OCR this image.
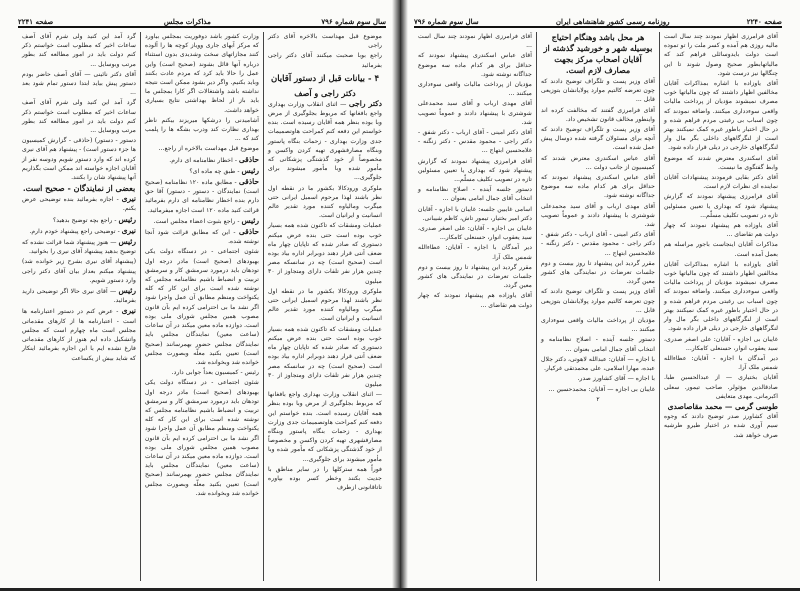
سال سوم شماره ۷۹۶
مذاکرات مجلس
صفحه ۲۲۴۱

موضوع قبل مهداست بالاخره آقای دکتر راجی

راجع بوبا صحبت میکنند آقای دکتر راجی بفرمائید

۴ - بیانات قبل از دستور آقایان
دکتر راجی و آصف

دکتر راجی — اثنای انقلاب وزارت بهداری واجع بافغانها که مربوط بجلوگیری از مرض وبا بوده بنظر همه آقایان رسیده است. بنده خواستم این دفعه کنم کمراحت هاوتصمیمات جدی وزارت بهداری - زحمات بنگاه پاستور وبنگاه مصارفشهری تهیه کردن واکسن و مخصوصاً از خود گذشتگی پزشکانی که مأمور شده وبا مأمور میشوند برای جلوگیری...

ملوکری ورودکالا بکشور ما در نقطه اول نظر باشند لهذا مرحوم اسمیل ایرانی حتی میگرب ومالیاوه کننده مورد تقدیر عالم انسانیت و ایرانیان است.

عملیات ومشقات که تاکنون شده همه بسیار خوب بوده است حتی بنده عرض میکنم دستوری که صادر شده که تاپایان چهار ماه ضعف آنتی قرار دهند دوبرابر اداره بیاد بوده است (صحیح است) چه در سانسکه مصر چندین هزار نفر تلفات دارای ومتجاوز از ۳۰ میلیون

ملوکری ورودکالا بکشور ما در نقطه اول نظر باشند لهذا مرحوم اسمیل ایرانی حتی میگرب ومالیاوه کننده مورد تقدیر عالم انسانیت و ایرانیان است.

عملیات ومشقات که تاکنون شده همه بسیار خوب بوده است حتی بنده عرض میکنم دستوری که صادر شده که تاپایان چهار ماه ضعف آنتی قرار دهند دوبرابر اداره بیاد بوده است (صحیح است) چه در سانسکه مصر چندین هزار نفر تلفات دارای ومتجاوز از ۳۰ میلیون

— اثنای انقلاب وزارت بهداری واجع بافغانها که مربوط بجلوگیری از مرض وبا بوده بنظر همه آقایان رسیده است. بنده خواستم این دفعه کنم کمراحت هاوتصمیمات جدی وزارت بهداری - زحمات بنگاه پاستور وبنگاه مصارفشهری تهیه کردن واکسن و مخصوصاً از خود گذشتگی پزشکانی که مأمور شده وبا مأمور میشوند برای جلوگیری...

فوراً همه سترکلها را در سایر مناطق با جدیت بکنند وخطر کسر بوده بپاوره تاتاقانونی ازطرف

وزارت کشور باشد دوفوریت بمجلس بیاورد که مرکز آبهای جاری وویاز کوچه ها را آلوده کنند مجازاتهای سخت وشدیدی بدون استثناء درباره آنها قائل بشوند (صحیح است) واین عمل را حالا باید کرد که مردم عادت بکنند وباید بکنیم. واگر دیر بشود ممکن است نتیجه نداشته باشد واشتغالات اگر کارا بمجلس ما باید باز از لحاظ بهداشتی نتایج بسیاری خواهد داشت.

آشامیدنی را درشکها میریزند بیکنم ناظر بهداری نظارت کند ودرب بشگه ها را پلمب کند که ...

موضوع قبل مهداست بالاخره از راجع...

حاذقی - اخطار نظامنامه ای دارم.

رئیس - طبق چه ماده ای؟

حاذقی - مطابق ماده ۱۲۰ نظامنامه (صحیح است) نمایندگان - دستور - دستور) آقا حق دارم بنده اخطار نظامنامه ای دارم بفرمائید قرائت کنید ماده ۱۲۰ است اجازه میفرمائید.

رئیس - راجع بثبوت اعضاء مجلس است.

حاذقی - این که مطابق قرائت شود آنجا نوشته شده.

شئون اجتماعی - در دستگاه دولت یکی بهبودهای (صحیح است) مادر درجه اول تودهان باید درمورد سرمشق کار و سرمشق تربیت و انضباط باشیم نظامنامه مجلس که نوشته شده است برای این کار که کله یکنواخت ومنظم مطابق آن عمل واجرا شود اگر نشد ما بی احترامی کرده ایم بآن قانون مصوب همین مجلس شورای ملی بوده است. دوازده ماده معین میکند در آن ساعات (ساعت معین) نمایندگان مجلس باید نمایندگان مجلس حضور بهمرسانند (صحیح است) تعیین بکنید معلّه وبصورت مجلس خوانده شد وبخوانده شد.

رئیس - کمیسیون بعداً جوابی دارد.

شئون اجتماعی - در دستگاه دولت یکی بهبودهای (صحیح است) مادر درجه اول تودهان باید درمورد سرمشق کار و سرمشق تربیت و انضباط باشیم نظامنامه مجلس که نوشته شده است برای این کار که کله یکنواخت ومنظم مطابق آن عمل واجرا شود اگر نشد ما بی احترامی کرده ایم بآن قانون مصوب همین مجلس شورای ملی بوده است. دوازده ماده معین میکند در آن ساعات (ساعت معین) نمایندگان مجلس باید نمایندگان مجلس حضور بهمرسانند (صحیح است) تعیین بکنید معلّه وبصورت مجلس خوانده شد وبخوانده شد.

گرد آمد این کنید ولی شرم آقای آصف ساعات اخیر که مطلوب است خواستم ذکر کنم دولت باید در امور مطالعه کند بطور مرتب وبوسایل ...

آقای دکتر نائینی — آقای آصف حاضر بودم دستور پیش بیاید ابتدا دستور تمام شود بعد ...

گرد آمد این کنید ولی شرم آقای آصف ساعات اخیر که مطلوب است خواستم ذکر کنم دولت باید در امور مطالعه کند بطور مرتب وبوسایل ...

دستور - دستور) (حاذقی - گزارش کمیسیون ها جزء دستور است) - پیشنهاد هم آقای نیری کرده اند که وارد دستور شویم ودوسه نفر از آقایان اجازه خواسته اند ممکن است بگذاریم آنها پیشنهاد شان را بکنند.

بعضی از نمایندگان - صحیح است.

نیری - اجازه بفرمائید بنده توضیحی عرض بکنم.

رئیس - راجع بچه توضیح بدهید؟

نیری - توضیحی راجع پیشنهاد خودم دارم.

رئیس — هنوز پیشنهاد شما قرائت نشده که توضیح بدهید پیشنهاد آقای نیری را بخوانید.

(پیشنهاد آقای نیری بشرح زیر خوانده شد) پیشنهاد میکنم بعداز بیان آقای دکتر راجی وارد دستور شویم.

رئیس — آقای نیری حالا اگر توضیحی دارید بفرمائید.

نیری - عرض کنم در دستور اعتبارنامه ها است - اعتبارنامه ها از کارهای مقدماتی مجلس است ماه چهارم است که مجلس واتشکیل داده ایم هنوز از کارهای مقدماتی فارغ نشده ایم با این اجازه بفرمائید اینکار که شاید بیش از یکساعت

صفحه ۲۲۴۰
روزنامه رسمی کشور شاهنشاهی ایران
سال سوم شماره ۷۹۶

آقای فرامرزی اظهار نمودند چند سال است مالیه روزی هم آمده و کسر ملت را تو تموده است دولت بایدوسائلی فراهم کند که مالیاتهابطور صحیح وصول شوند تا این چنگالها نیز درست شود.

آقای یاوزاده با اشاره بمذاکرات آقایان مخالفین اظهار داشتند که چون مالیاتها خوب مصرف نمیشوند مؤدیان از پرداخت مالیات واقعی سوءدداری میکنند. واضافه نمودند که چون اسباب بی رغبتی مردم فراهم شده و در حال اختیار باطور غیره کمک نمیکنند بهتر است از لنگرگاههای داخلی بگر مال وار لنگرگاههای خارجی در دیلی قرار داده شود.

آقای اسکندری معترض شدند که موضوع وابط گفتگوی ما نیست.

آقای دکتر بقایی فرمودند پیشنهادات آقایان نماینده ای نظرات لازم است.

آقای فرامرزی پیشنهاد نمودند که گزارش پیشنهاد شود که بهداری یا تعیین مسئولین تازه در تصویب تکلیف مسلّم...

آقای یاوزاده هم پیشنهاد نمودند که چهار دولت هم تقاضای ...

مذاکرات آقایان اینجاست باجور مراسله هم بعمل آمده است.

آقای یاوزاده با اشاره بمذاکرات آقایان مخالفین اظهار داشتند که چون مالیاتها خوب مصرف نمیشوند مؤدیان از پرداخت مالیات واقعی سوءدداری میکنند. واضافه نمودند که چون اسباب بی رغبتی مردم فراهم شده و در حال اختیار باطور غیره کمک نمیکنند بهتر است از لنگرگاههای داخلی بگر مال وار لنگرگاههای خارجی در دیلی قرار داده شود.

غایبان بی اجازه - آقایان: علی اصغر صدری، سید یعقوب انوار، حسنعلی کامکار...

دیر آمدگان با اجازه - آقایان: عطاءالله شمس ملک آرا.

آقایان بختیاری — از عبدالحسین طبا. صادقالدین مؤثولر. صاحب تیمور. سعلی اکبرمانی. مهدی متعایفی

طوسی گرمی — محمد مقاصاصدی

آقای کشاورز صدر توضیح دادند که وجوه سیم آوری شده در اختیار طیرو طرشیه صرف خواهد شد.

هر محل باشد وهنگام احتیاج بوسیله شهر و خورشید گذشته از آقایان اصحاب مرکز بجهت مصارف لازم است.

آقای وزیر پست و تلگراف توضیح دادند که چون تعرضه کالتیم موارد پولایانشان بتوزیعی قابل ...

آقای فرامرزی گفتند که مخالفت کرده اند واینطور مخالف قانون تشخیص داد.

آقای وزیر پست و تلگراف توضیح دادند که آنچه برای مسئولان گرفته شده دوسال پیش عمل شده است.

آقای عباس اسکندری معترض شدند که کمیسیون از جانب دولت ...

آقای عباس اسکندری پیشنهاد نمودند که حداقل برای هر کدام ماده سه موضوع جداگانه نوشته شود.

آقای مهدی ارباب و آقای سید محمدعلی شوشتری با پیشنهاد دادند و عموماً تصویب شد.

آقای دکتر امینی - آقای ارباب - دکتر شفق - دکتر راجی - محمود مقدس - دکتر زنگنه - غلامحسین ابتهاج ...

مقرر گردید این پیشنهاد تا روز بیست و دوم جلسات تعرضات در نمایندگی های کشور معین گردد.

آقای وزیر پست و تلگراف توضیح دادند که چون تعرضه کالتیم موارد پولایانشان بتوزیعی قابل ...

مؤدیان از پرداخت مالیات واقعی سوءداری میکنند ...

دستور جلسه آینده - اصلاح نظامنامه و انتخاب آقای جمال امامی بعنوان ...

با اجازه — آقایان: عبدالله لاهوتی، دکتر جلال عبده، مهارا اسلامی، علی محمدتقی غرکیار.

با اجازه — آقای کشاورز صدر.

غایبان بی اجازه — آقایان: محمدحسین ...

۲

آقای فرامرزی اظهار نمودند چند سال است ...

آقای عباس اسکندری پیشنهاد نمودند که حداقل برای هر کدام ماده سه موضوع جداگانه نوشته شود.

مؤدیان از پرداخت مالیات واقعی سوءداری میکنند ...

آقای مهدی ارباب و آقای سید محمدعلی شوشتری با پیشنهاد دادند و عموماً تصویب شد.

آقای دکتر امینی - آقای ارباب - دکتر شفق - دکتر راجی - محمود مقدس - دکتر زنگنه - غلامحسین ابتهاج ...

آقای فرامرزی پیشنهاد نمودند که گزارش پیشنهاد شود که بهداری یا تعیین مسئولین تازه در تصویب تکلیف مسلّم...

دستور جلسه آینده - اصلاح نظامنامه و انتخاب آقای جمال امامی بعنوان ...

اسامی غایبین جلسه: غایبان با اجازه - آقایان دکتر امیر بختیار، تیمور تاش، کاظم شیبانی.

غایبان بی اجازه - آقایان: علی اصغر صدری، سید یعقوب انوار، حسنعلی کامکار...

دیر آمدگان با اجازه - آقایان: عطاءالله شمس ملک آرا.

مقرر گردید این پیشنهاد تا روز بیست و دوم جلسات تعرضات در نمایندگی های کشور معین گردد.

آقای یاوزاده هم پیشنهاد نمودند که چهار دولت هم تقاضای ...
